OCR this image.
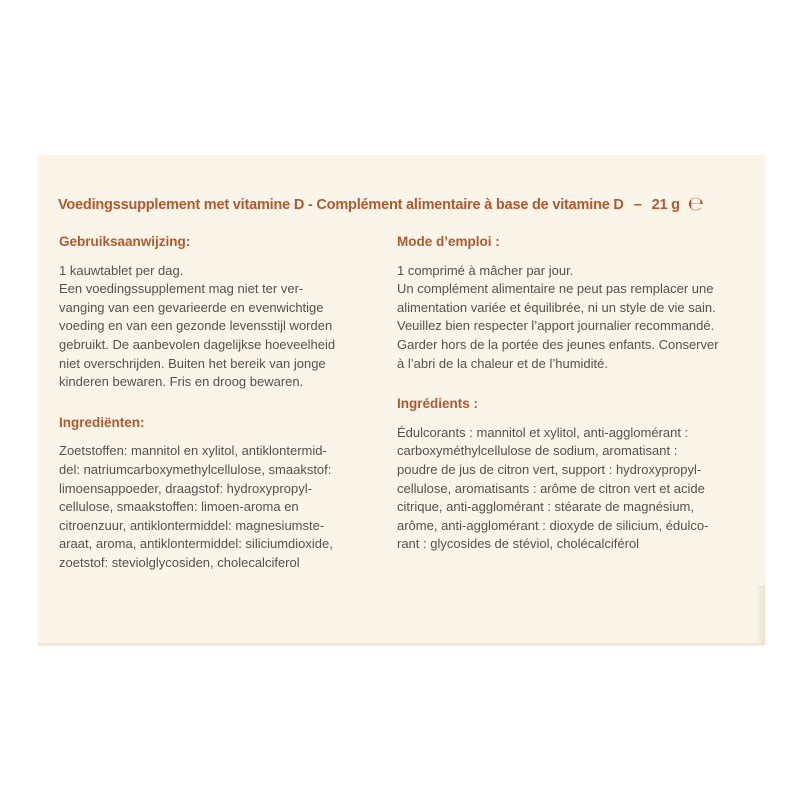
Voedingssupplement met vitamine D - Complément alimentaire à base de vitamine D – 21 g ℮
Gebruiksaanwijzing:

1 kauwtablet per dag.

Een voedingssupplement mag niet ter ver-
vanging van een gevarieerde en evenwichtige
voeding en van een gezonde levensstijl worden
gebruikt. De aanbevolen dagelijkse hoeveelheid
niet overschrijden. Buiten het bereik van jonge
kinderen bewaren. Fris en droog bewaren.

Ingrediënten:

Zoetstoffen: mannitol en xylitol, antiklontermid-
del: natriumcarboxymethylcellulose, smaakstof:
limoensappoeder, draagstof: hydroxypropyl-
cellulose, smaakstoffen: limoen-aroma en
citroenzuur, antiklontermiddel: magnesiumste-
araat, aroma, antiklontermiddel: siliciumdioxide,
zoetstof: steviolglycosiden, cholecalciferol

Mode d’emploi :

1 comprimé à mâcher par jour.

Un complément alimentaire ne peut pas remplacer une
alimentation variée et équilibrée, ni un style de vie sain.
Veuillez bien respecter l’apport journalier recommandé.
Garder hors de la portée des jeunes enfants. Conserver
à l’abri de la chaleur et de l’humidité.

Ingrédients :

Édulcorants : mannitol et xylitol, anti-agglomérant :
carboxyméthylcellulose de sodium, aromatisant :
poudre de jus de citron vert, support : hydroxypropyl-
cellulose, aromatisants : arôme de citron vert et acide
citrique, anti-agglomérant : stéarate de magnésium,
arôme, anti-agglomérant : dioxyde de silicium, édulco-
rant : glycosides de stéviol, cholécalciférol
